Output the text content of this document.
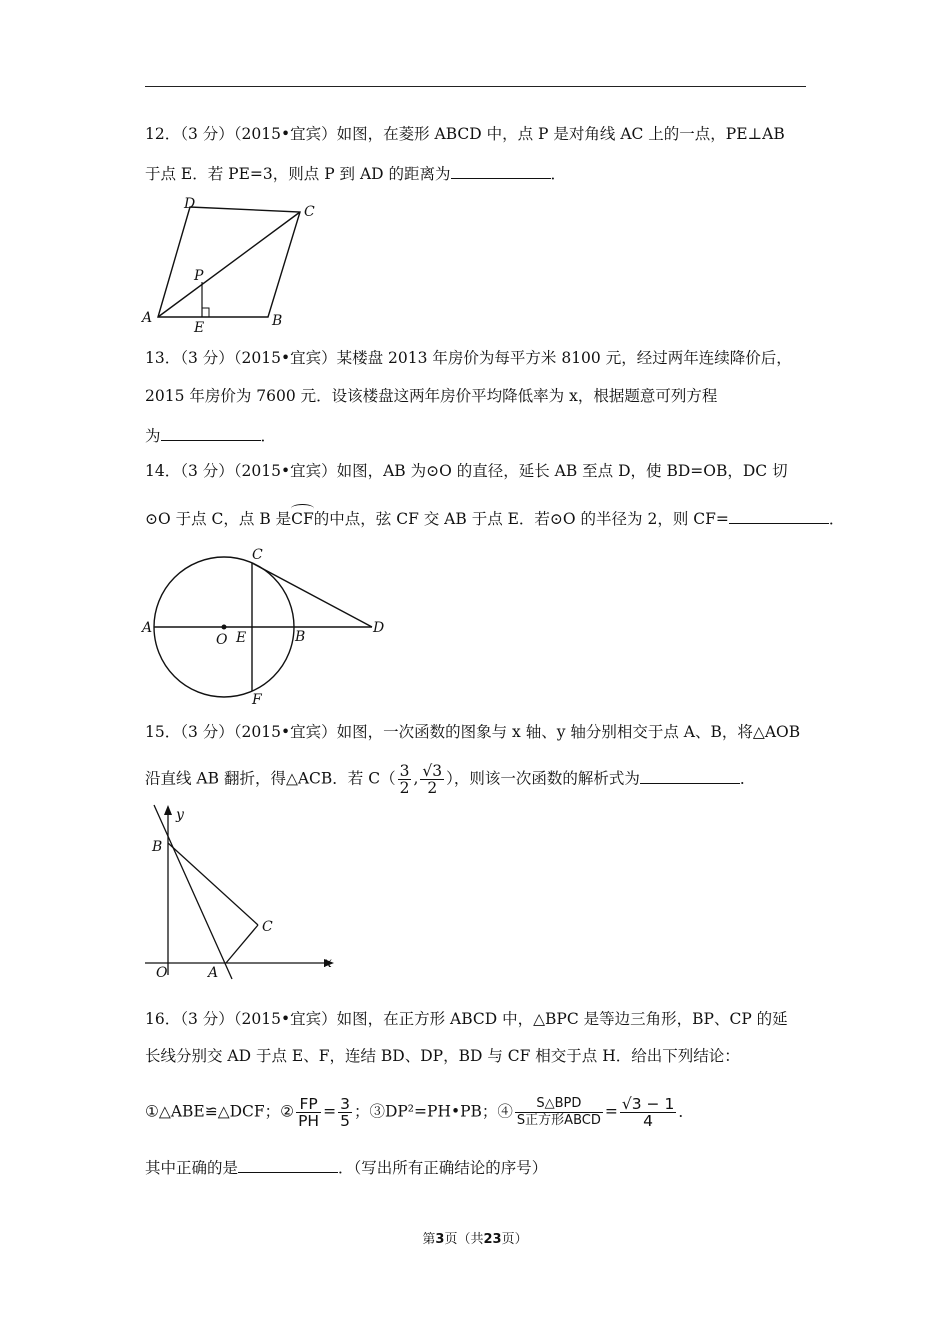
12．（3 分）（2015•宜宾）如图，在菱形 ABCD 中，点 P 是对角线 AC 上的一点，PE⊥AB
于点 E．若 PE=3，则点 P 到 AD 的距离为	．
A	B
C
D
P
E
13．（3 分）（2015•宜宾）某楼盘 2013 年房价为每平方米 8100 元，经过两年连续降价后，
2015 年房价为 7600 元．设该楼盘这两年房价平均降低率为 x，根据题意可列方程
为	．
14．（3 分）（2015•宜宾）如图，AB 为⊙O 的直径，延长 AB 至点 D，使 BD=OB，DC 切
⊙O 于点 C，点 B 是CF的中点，弦 CF 交 AB 于点 E．若⊙O 的半径为 2，则 CF=	．
A
O E	B
D
C
F
15．（3 分）（2015•宜宾）如图，一次函数的图象与 x 轴、y 轴分别相交于点 A、B，将△AOB
沿直线 AB 翻折，得△ACB．若 $C( \frac{3}{2}$ , $\frac{√3}{2}$ ），则该一次函数的解析式为	．
y
x
B
C
O	A
16．（3 分）（2015•宜宾）如图，在正方形 ABCD 中，△BPC 是等边三角形，BP、CP 的延
长线分别交 AD 于点 E、F，连结 BD、DP，BD 与 CF 相交于点 H．给出下列结论：
①△ABE≌△DCF；② $\frac{FP}{PH} = \frac{3}{5}$ ；③DP²=PH•PB；④ $\frac{\text{S△BPD}}{\text{S正方形ABCD}} = \frac{√3 - 1}{4}$ ．
其中正确的是	．（写出所有正确结论的序号）
第3页（共23页）
